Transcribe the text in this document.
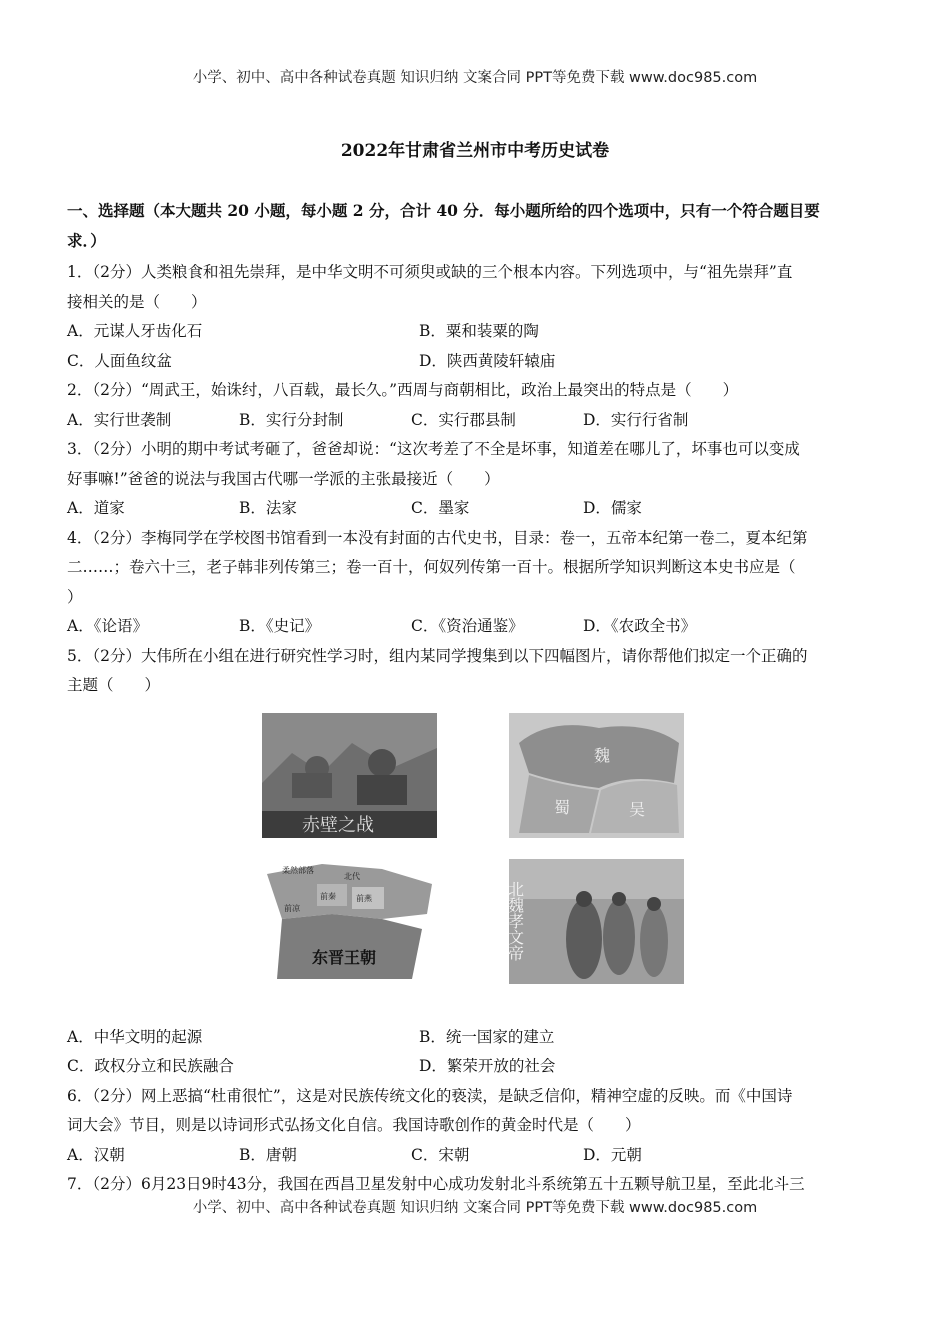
小学、初中、高中各种试卷真题 知识归纳 文案合同 PPT等免费下载 www.doc985.com
2022年甘肃省兰州市中考历史试卷
一、选择题（本大题共 20 小题，每小题 2 分，合计 40 分．每小题所给的四个选项中，只有一个符合题目要
求．）
1．（2分）人类粮食和祖先崇拜，是中华文明不可须臾或缺的三个根本内容。下列选项中，与“祖先崇拜”直
接相关的是（　　）
A．元谋人牙齿化石	B．粟和装粟的陶
C．人面鱼纹盆	D．陕西黄陵轩辕庙
2．（2分）“周武王，始诛纣，八百载，最长久。”西周与商朝相比，政治上最突出的特点是（　　）
A．实行世袭制	B．实行分封制	C．实行郡县制	D．实行行省制
3．（2分）小明的期中考试考砸了，爸爸却说：“这次考差了不全是坏事，知道差在哪儿了，坏事也可以变成
好事嘛!”爸爸的说法与我国古代哪一学派的主张最接近（　　）
A．道家	B．法家	C．墨家	D．儒家
4．（2分）李梅同学在学校图书馆看到一本没有封面的古代史书，目录：卷一，五帝本纪第一卷二，夏本纪第
二……；卷六十三，老子韩非列传第三；卷一百十，何奴列传第一百十。根据所学知识判断这本史书应是（
）
A．《论语》	B．《史记》	C．《资治通鉴》	D．《农政全书》
5．（2分）大伟所在小组在进行研究性学习时，组内某同学搜集到以下四幅图片，请你帮他们拟定一个正确的
主题（　　）
赤壁之战
魏
蜀	吴
柔然部落
北代
前秦	前燕
前凉
东晋王朝	北魏孝文帝
A．中华文明的起源	B．统一国家的建立
C．政权分立和民族融合	D．繁荣开放的社会
6．（2分）网上恶搞“杜甫很忙”，这是对民族传统文化的亵渎，是缺乏信仰，精神空虚的反映。而《中国诗
词大会》节目，则是以诗词形式弘扬文化自信。我国诗歌创作的黄金时代是（　　）
A．汉朝	B．唐朝	C．宋朝	D．元朝
7．（2分）6月23日9时43分，我国在西昌卫星发射中心成功发射北斗系统第五十五颗导航卫星，至此北斗三
小学、初中、高中各种试卷真题 知识归纳 文案合同 PPT等免费下载 www.doc985.com
